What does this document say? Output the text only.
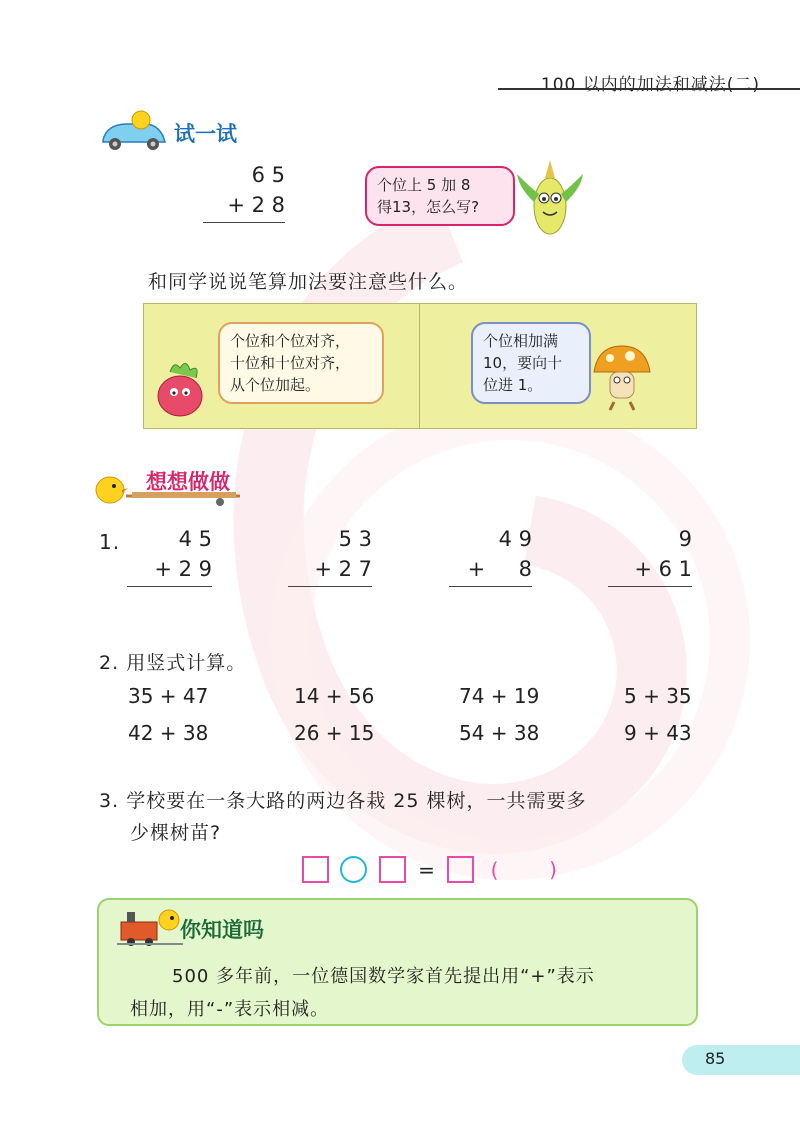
100 以内的加法和减法(二)
试一试
6 5
+ 2 8
个位上 5 加 8
得13，怎么写?
和同学说说笔算加法要注意些什么。
个位和个位对齐，
十位和十位对齐，
从个位加起。
个位相加满
10，要向十
位进 1。
想想做做
1.	4 5
+ 2 9
5 3
+ 2 7
4 9
+     8
9
+ 6 1
2. 用竖式计算。
35 + 47	14 + 56	74 + 19	5 + 35
42 + 38	26 + 15	54 + 38	9 + 43
3. 学校要在一条大路的两边各栽 25 棵树，一共需要多
少棵树苗?
=	(	)
你知道吗
500 多年前，一位德国数学家首先提出用“+”表示
相加，用“-”表示相减。
85
